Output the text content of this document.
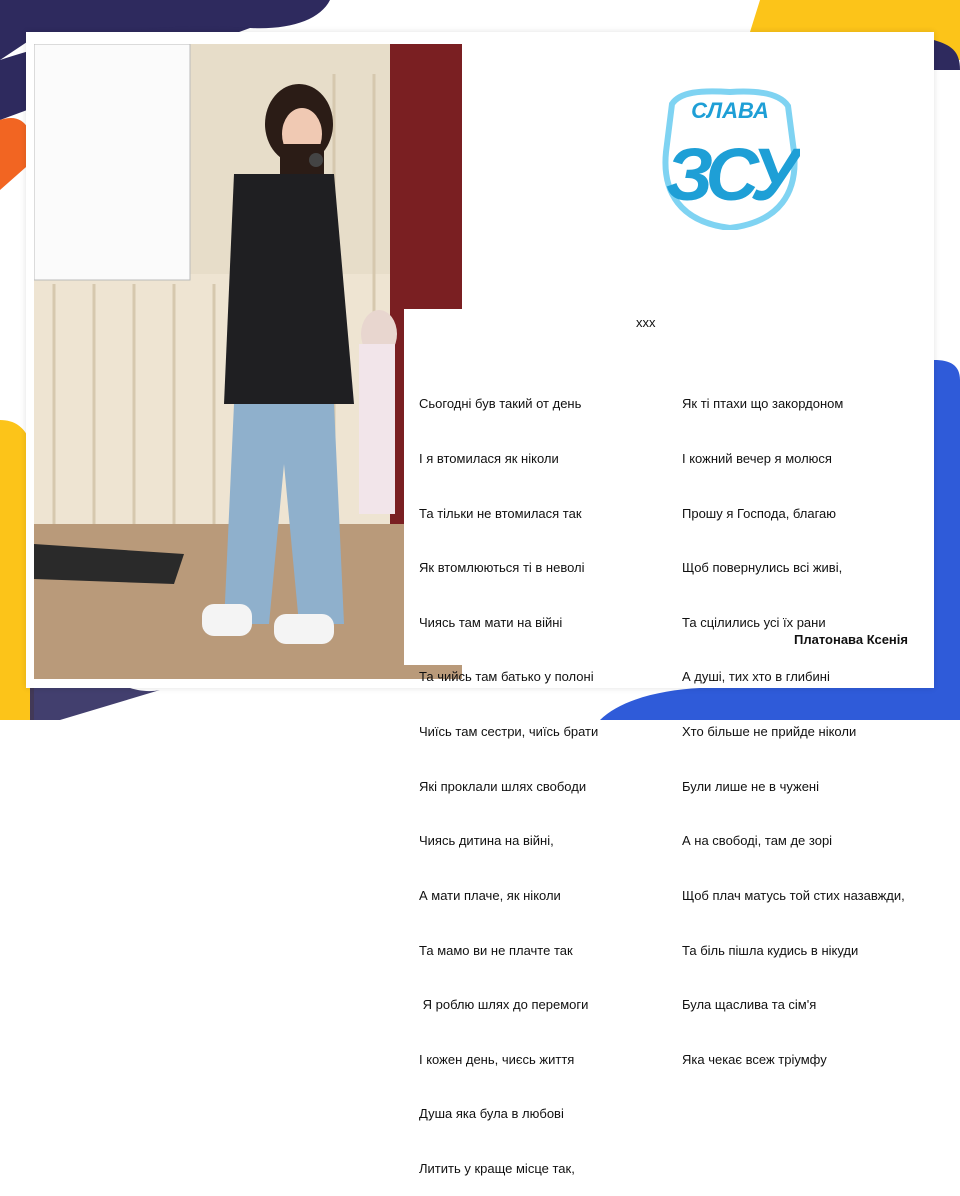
СЛАВА
ЗСУ
xxx

Сьогодні був такий от день

І я втомилася як ніколи

Та тільки не втомилася так

Як втомлюються ті в неволі

Чиясь там мати на війні

Та чийсь там батько у полоні

Чиїсь там сестри, чиїсь брати

Які проклали шлях свободи

Чиясь дитина на війні,

А мати плаче, як ніколи

Та мамо ви не плачте так

Я роблю шлях до перемоги

І кожен день, чиєсь життя

Душа яка була в любові

Литить у краще місце так,

Як ті птахи що закордоном

І кожний вечер я молюся

Прошу я Господа, благаю

Щоб повернулись всі живі,

Та сцілились усі їх рани

А душі, тих хто в глибині

Хто більше не прийде ніколи

Були лише не в чужені

А на свободі, там де зорі

Щоб плач матусь той стих назавжди,

Та біль пішла кудись в нікуди

Була щаслива та сім'я

Яка чекає всеж тріумфу

Платонава Ксенія
